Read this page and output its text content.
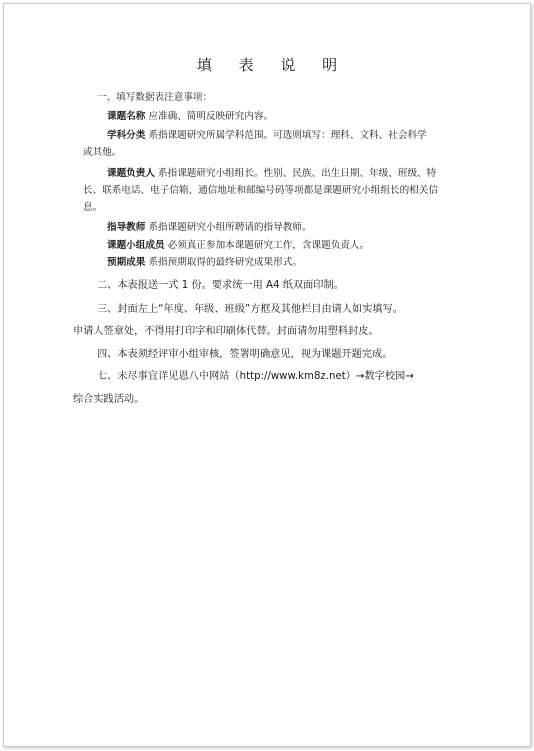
填 表 说 明
一、填写数据表注意事项：
课题名称 应准确、简明反映研究内容。
学科分类 系指课题研究所属学科范围。可选则填写：理科、文科、社会科学
或其他。
课题负责人 系指课题研究小组组长。性别、民族、出生日期、年级、班级、特
长、联系电话、电子信箱、通信地址和邮编号码等项都是课题研究小组组长的相关信
息。
指导教师 系指课题研究小组所聘请的指导教师。
课题小组成员 必须真正参加本课题研究工作，含课题负责人。
预期成果 系指预期取得的最终研究成果形式。
二、本表报送一式 1 份。要求统一用 A4 纸双面印制。
三、封面左上“年度、年级、班级”方框及其他栏目由请人如实填写。
申请人签章处，不得用打印字和印刷体代替。封面请勿用塑料封皮。
四、本表须经评审小组审核，签署明确意见，视为课题开题完成。
七、未尽事宜详见恩八中网站（http://www.km8z.net）→数字校园→
综合实践活动。
